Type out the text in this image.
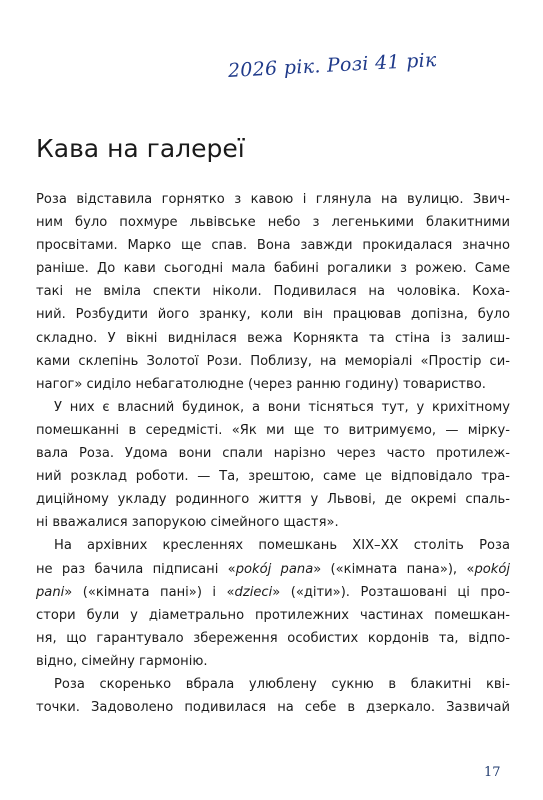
2026 рік. Розі 41 рік
Кава на галереї
Роза відставила горнятко з кавою і глянула на вулицю. Звич-
ним було похмуре львівське небо з легенькими блакитними
просвітами. Марко ще спав. Вона завжди прокидалася значно
раніше. До кави сьогодні мала бабині рогалики з рожею. Саме
такі не вміла спекти ніколи. Подивилася на чоловіка. Коха-
ний. Розбудити його зранку, коли він працював допізна, було
складно. У вікні виднілася вежа Корнякта та стіна із залиш-
ками склепінь Золотої Рози. Поблизу, на меморіалі «Простір си-
нагог» сиділо небагатолюдне (через ранню годину) товариство.
У них є власний будинок, а вони тісняться тут, у крихітному
помешканні в середмісті. «Як ми ще то витримуємо, — мірку-
вала Роза. Удома вони спали нарізно через часто протилеж-
ний розклад роботи. — Та, зрештою, саме це відповідало тра-
диційному укладу родинного життя у Львові, де окремі спаль-
ні вважалися запорукою сімейного щастя».
На архівних кресленнях помешкань XIX–XX століть Роза
не раз бачила підписані «pokój pana» («кімната пана»), «pokój
pani» («кімната пані») і «dzieci» («діти»). Розташовані ці про-
стори були у діаметрально протилежних частинах помешкан-
ня, що гарантувало збереження особистих кордонів та, відпо-
відно, сімейну гармонію.
Роза скоренько вбрала улюблену сукню в блакитні кві-
точки. Задоволено подивилася на себе в дзеркало. Зазвичай
17
